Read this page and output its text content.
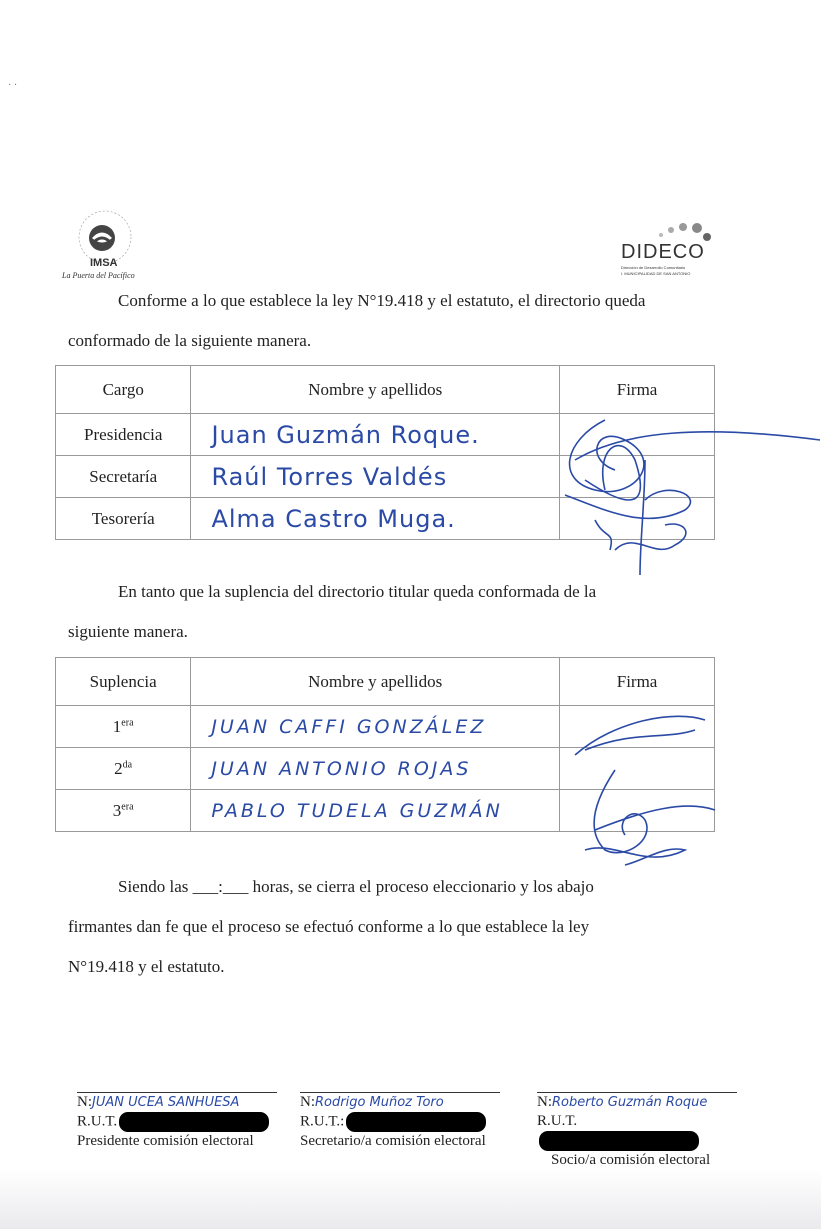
· ·
IMSA
La Puerta del Pacífico
DIDECO
Dirección de Desarrollo Comunitario
I. MUNICIPALIDAD DE SAN ANTONIO
Conforme a lo que establece la ley N°19.418 y el estatuto, el directorio queda
conformado de la siguiente manera.
Cargo	Nombre y apellidos	Firma
Presidencia	Juan Guzmán Roque.	
Secretaría	Raúl Torres Valdés	
Tesorería	Alma Castro Muga.	
En tanto que la suplencia del directorio titular queda conformada de la
siguiente manera.
Suplencia	Nombre y apellidos	Firma
$1^{era}$	JUAN CAFFI GONZÁLEZ	
$2^{da}$	JUAN ANTONIO ROJAS	
$3^{era}$	PABLO TUDELA GUZMÁN	
Siendo las ___:___ horas, se cierra el proceso eleccionario y los abajo
firmantes dan fe que el proceso se efectuó conforme a lo que establece la ley
N°19.418 y el estatuto.
N:JUAN UCEA SANHUESA
R.U.T.
Presidente comisión electoral
N:Rodrigo Muñoz Toro
R.U.T.:
Secretario/a comisión electoral
N:Roberto Guzmán Roque
R.U.T.
Socio/a comisión electoral
